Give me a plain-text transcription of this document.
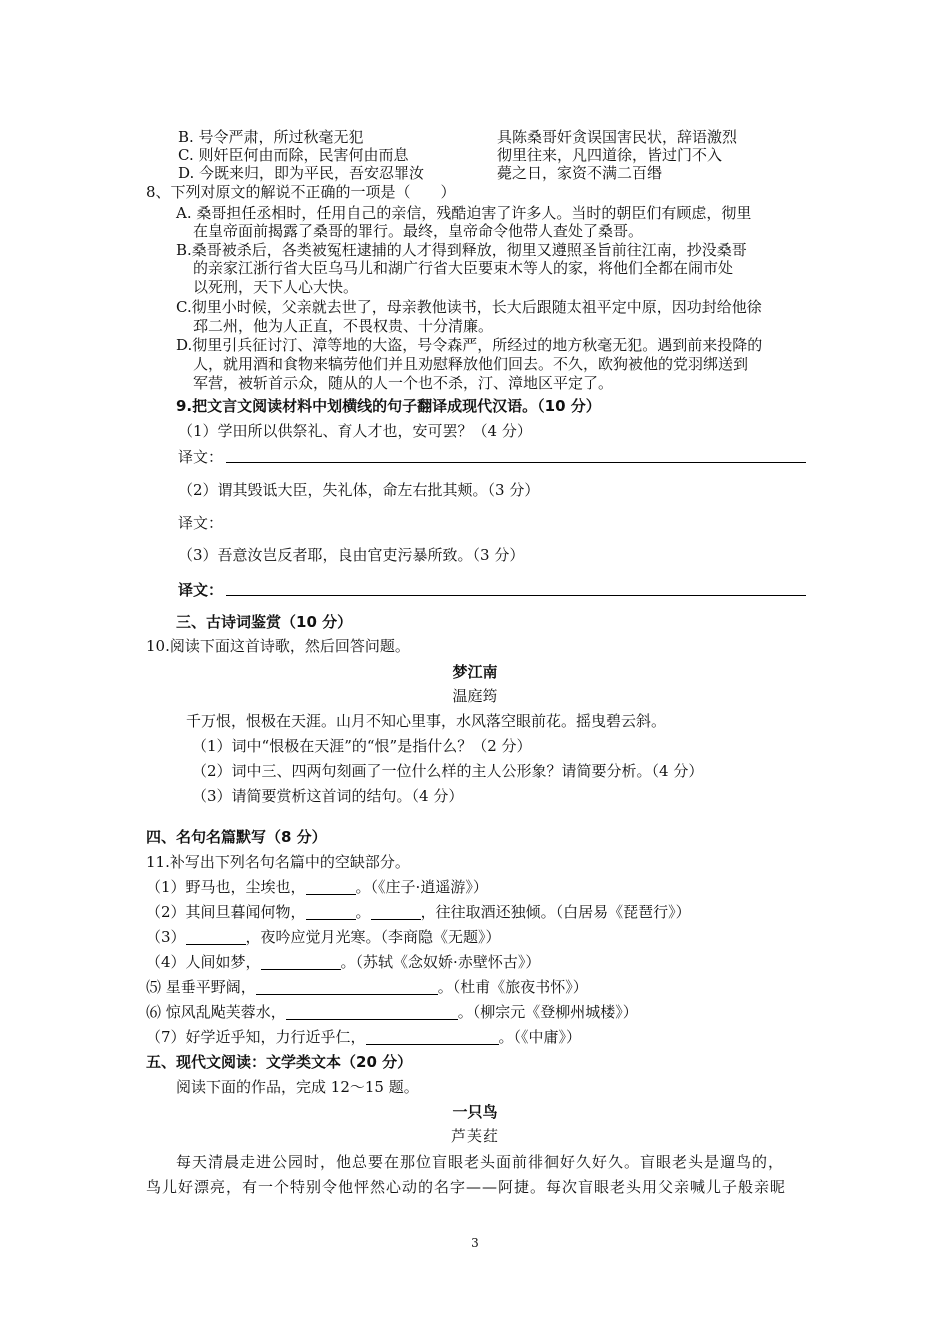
B. 号令严肃，所过秋毫无犯	具陈桑哥奸贪误国害民状，辞语激烈
C. 则奸臣何由而除，民害何由而息	彻里往来，凡四道徐，皆过门不入
D. 今既来归，即为平民，吾安忍罪汝	薨之日，家资不满二百缗
8、下列对原文的解说不正确的一项是（　　）
A. 桑哥担任丞相时，任用自己的亲信，残酷迫害了许多人。当时的朝臣们有顾虑，彻里
在皇帝面前揭露了桑哥的罪行。最终，皇帝命令他带人查处了桑哥。
B.桑哥被杀后，各类被冤枉逮捕的人才得到释放，彻里又遵照圣旨前往江南，抄没桑哥
的亲家江浙行省大臣乌马儿和湖广行省大臣要束木等人的家，将他们全都在闹市处
以死刑，天下人心大快。
C.彻里小时候，父亲就去世了，母亲教他读书，长大后跟随太祖平定中原，因功封给他徐
邳二州，他为人正直，不畏权贵、十分清廉。
D.彻里引兵征讨汀、漳等地的大盗，号令森严，所经过的地方秋毫无犯。遇到前来投降的
人，就用酒和食物来犒劳他们并且劝慰释放他们回去。不久，欧狗被他的党羽绑送到
军营，被斩首示众，随从的人一个也不杀，汀、漳地区平定了。
9.把文言文阅读材料中划横线的句子翻译成现代汉语。（10 分）
（1）学田所以供祭礼、育人才也，安可罢？（4 分）
译文：
（2）谓其毁诋大臣，失礼体，命左右批其颊。（3 分）
译文：
（3）吾意汝岂反者耶，良由官吏污暴所致。（3 分）
译文：
三、古诗词鉴赏（10 分）
10.阅读下面这首诗歌，然后回答问题。
梦江南
温庭筠
千万恨，恨极在天涯。山月不知心里事，水风落空眼前花。摇曳碧云斜。
（1）词中“恨极在天涯”的“恨”是指什么？（2 分）
（2）词中三、四两句刻画了一位什么样的主人公形象？请简要分析。（4 分）
（3）请简要赏析这首词的结句。（4 分）
四、名句名篇默写（8 分）
11.补写出下列名句名篇中的空缺部分。
（1）野马也，尘埃也，	。（《庄子·逍遥游》）
（2）其间旦暮闻何物，	。	，往往取酒还独倾。（白居易《琵琶行》）
（3）	，夜吟应觉月光寒。（李商隐《无题》）
（4）人间如梦，	。（苏轼《念奴娇·赤壁怀古》）
⑸ 星垂平野阔，	。（杜甫《旅夜书怀》）
⑹ 惊风乱飐芙蓉水，	。（柳宗元《登柳州城楼》）
（7）好学近乎知，力行近乎仁，	。（《中庸》）
五、现代文阅读：文学类文本（20 分）
阅读下面的作品，完成 12～15 题。
一只鸟
芦芙荭
每天清晨走进公园时，他总要在那位盲眼老头面前徘徊好久好久。盲眼老头是遛鸟的，
鸟儿好漂亮，有一个特别令他怦然心动的名字——阿捷。每次盲眼老头用父亲喊儿子般亲昵
3
